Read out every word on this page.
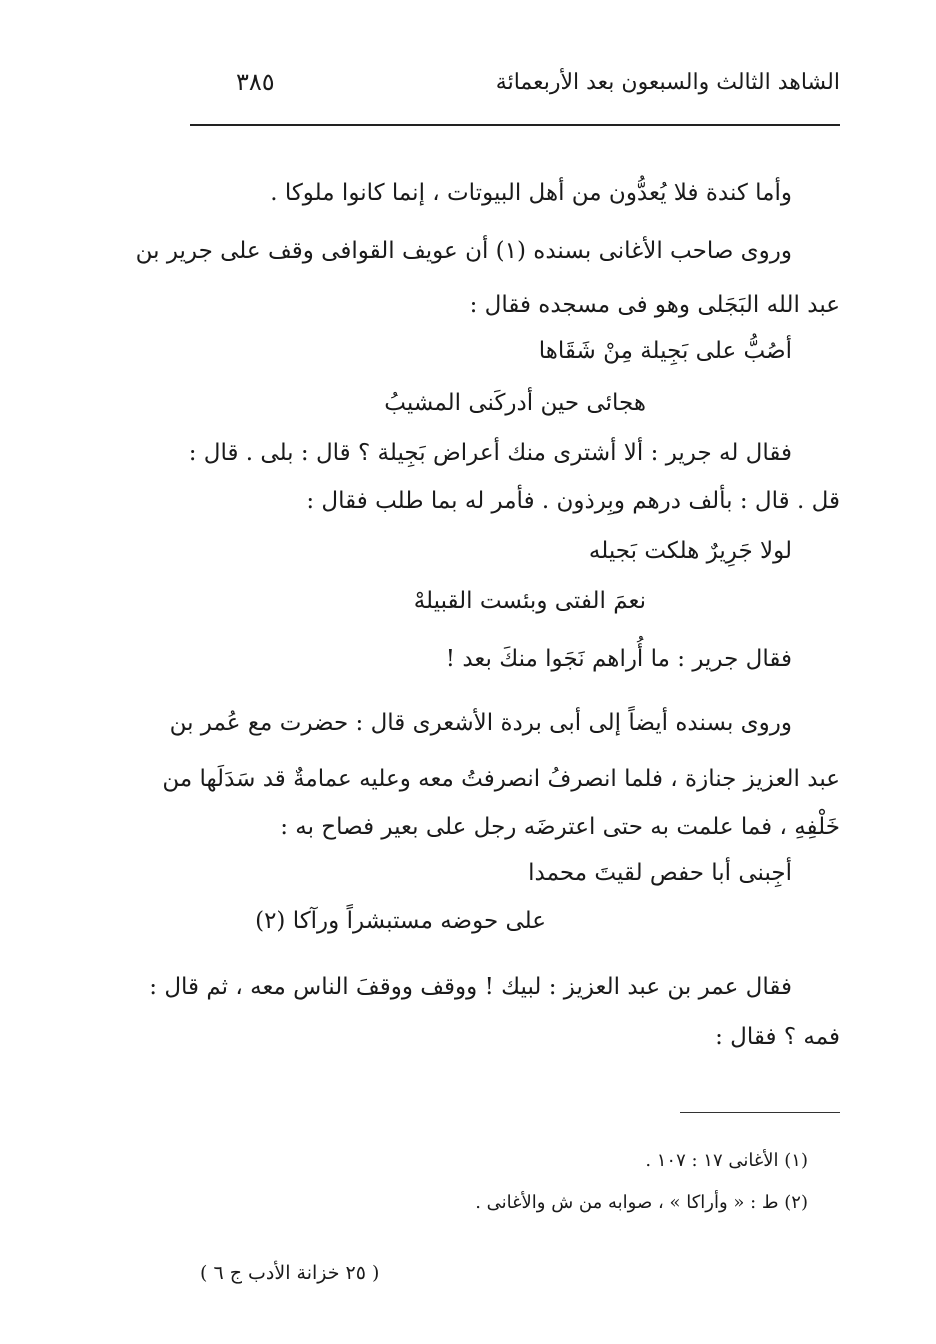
الشاهد الثالث والسبعون بعد الأربعمائة
٣٨٥
وأما كندة فلا يُعدُّون من أهل البيوتات ، إنما كانوا ملوكا .
وروى صاحب الأغانى بسنده (١) أن عويف القوافى وقف على جرير بن
عبد الله البَجَلى وهو فى مسجده فقال :
أصُبُّ على بَجِيلة مِنْ شَقَاها
هجائى حين أدركَنى المشيبُ
فقال له جرير : ألا أشترى منك أعراض بَجِيلة ؟ قال : بلى . قال :
قل . قال : بألف درهم وبِرذون . فأمر له بما طلب فقال :
لولا جَرِيرٌ هلكت بَجيله
نعمَ الفتى وبئست القبيلهْ
فقال جرير : ما أُراهم نَجَوا منكَ بعد !
وروى بسنده أيضاً إلى أبى بردة الأشعرى قال : حضرت مع عُمر بن
عبد العزيز جنازة ، فلما انصرفُ انصرفتُ معه وعليه عمامةٌ قد سَدَلَها من
خَلْفِهِ ، فما علمت به حتى اعترضَه رجل على بعير فصاح به :
أجِبنى أبا حفص لقيتَ محمدا
على حوضه مستبشراً ورآكا (٢)
فقال عمر بن عبد العزيز : لبيك ! ووقف ووقفَ الناس معه ، ثم قال :
فمه ؟ فقال :
(١) الأغانى ١٧ : ١٠٧ .
(٢) ط : « وأراكا » ، صوابه من ش والأغانى .
( ٢٥ خزانة الأدب ج ٦ )
